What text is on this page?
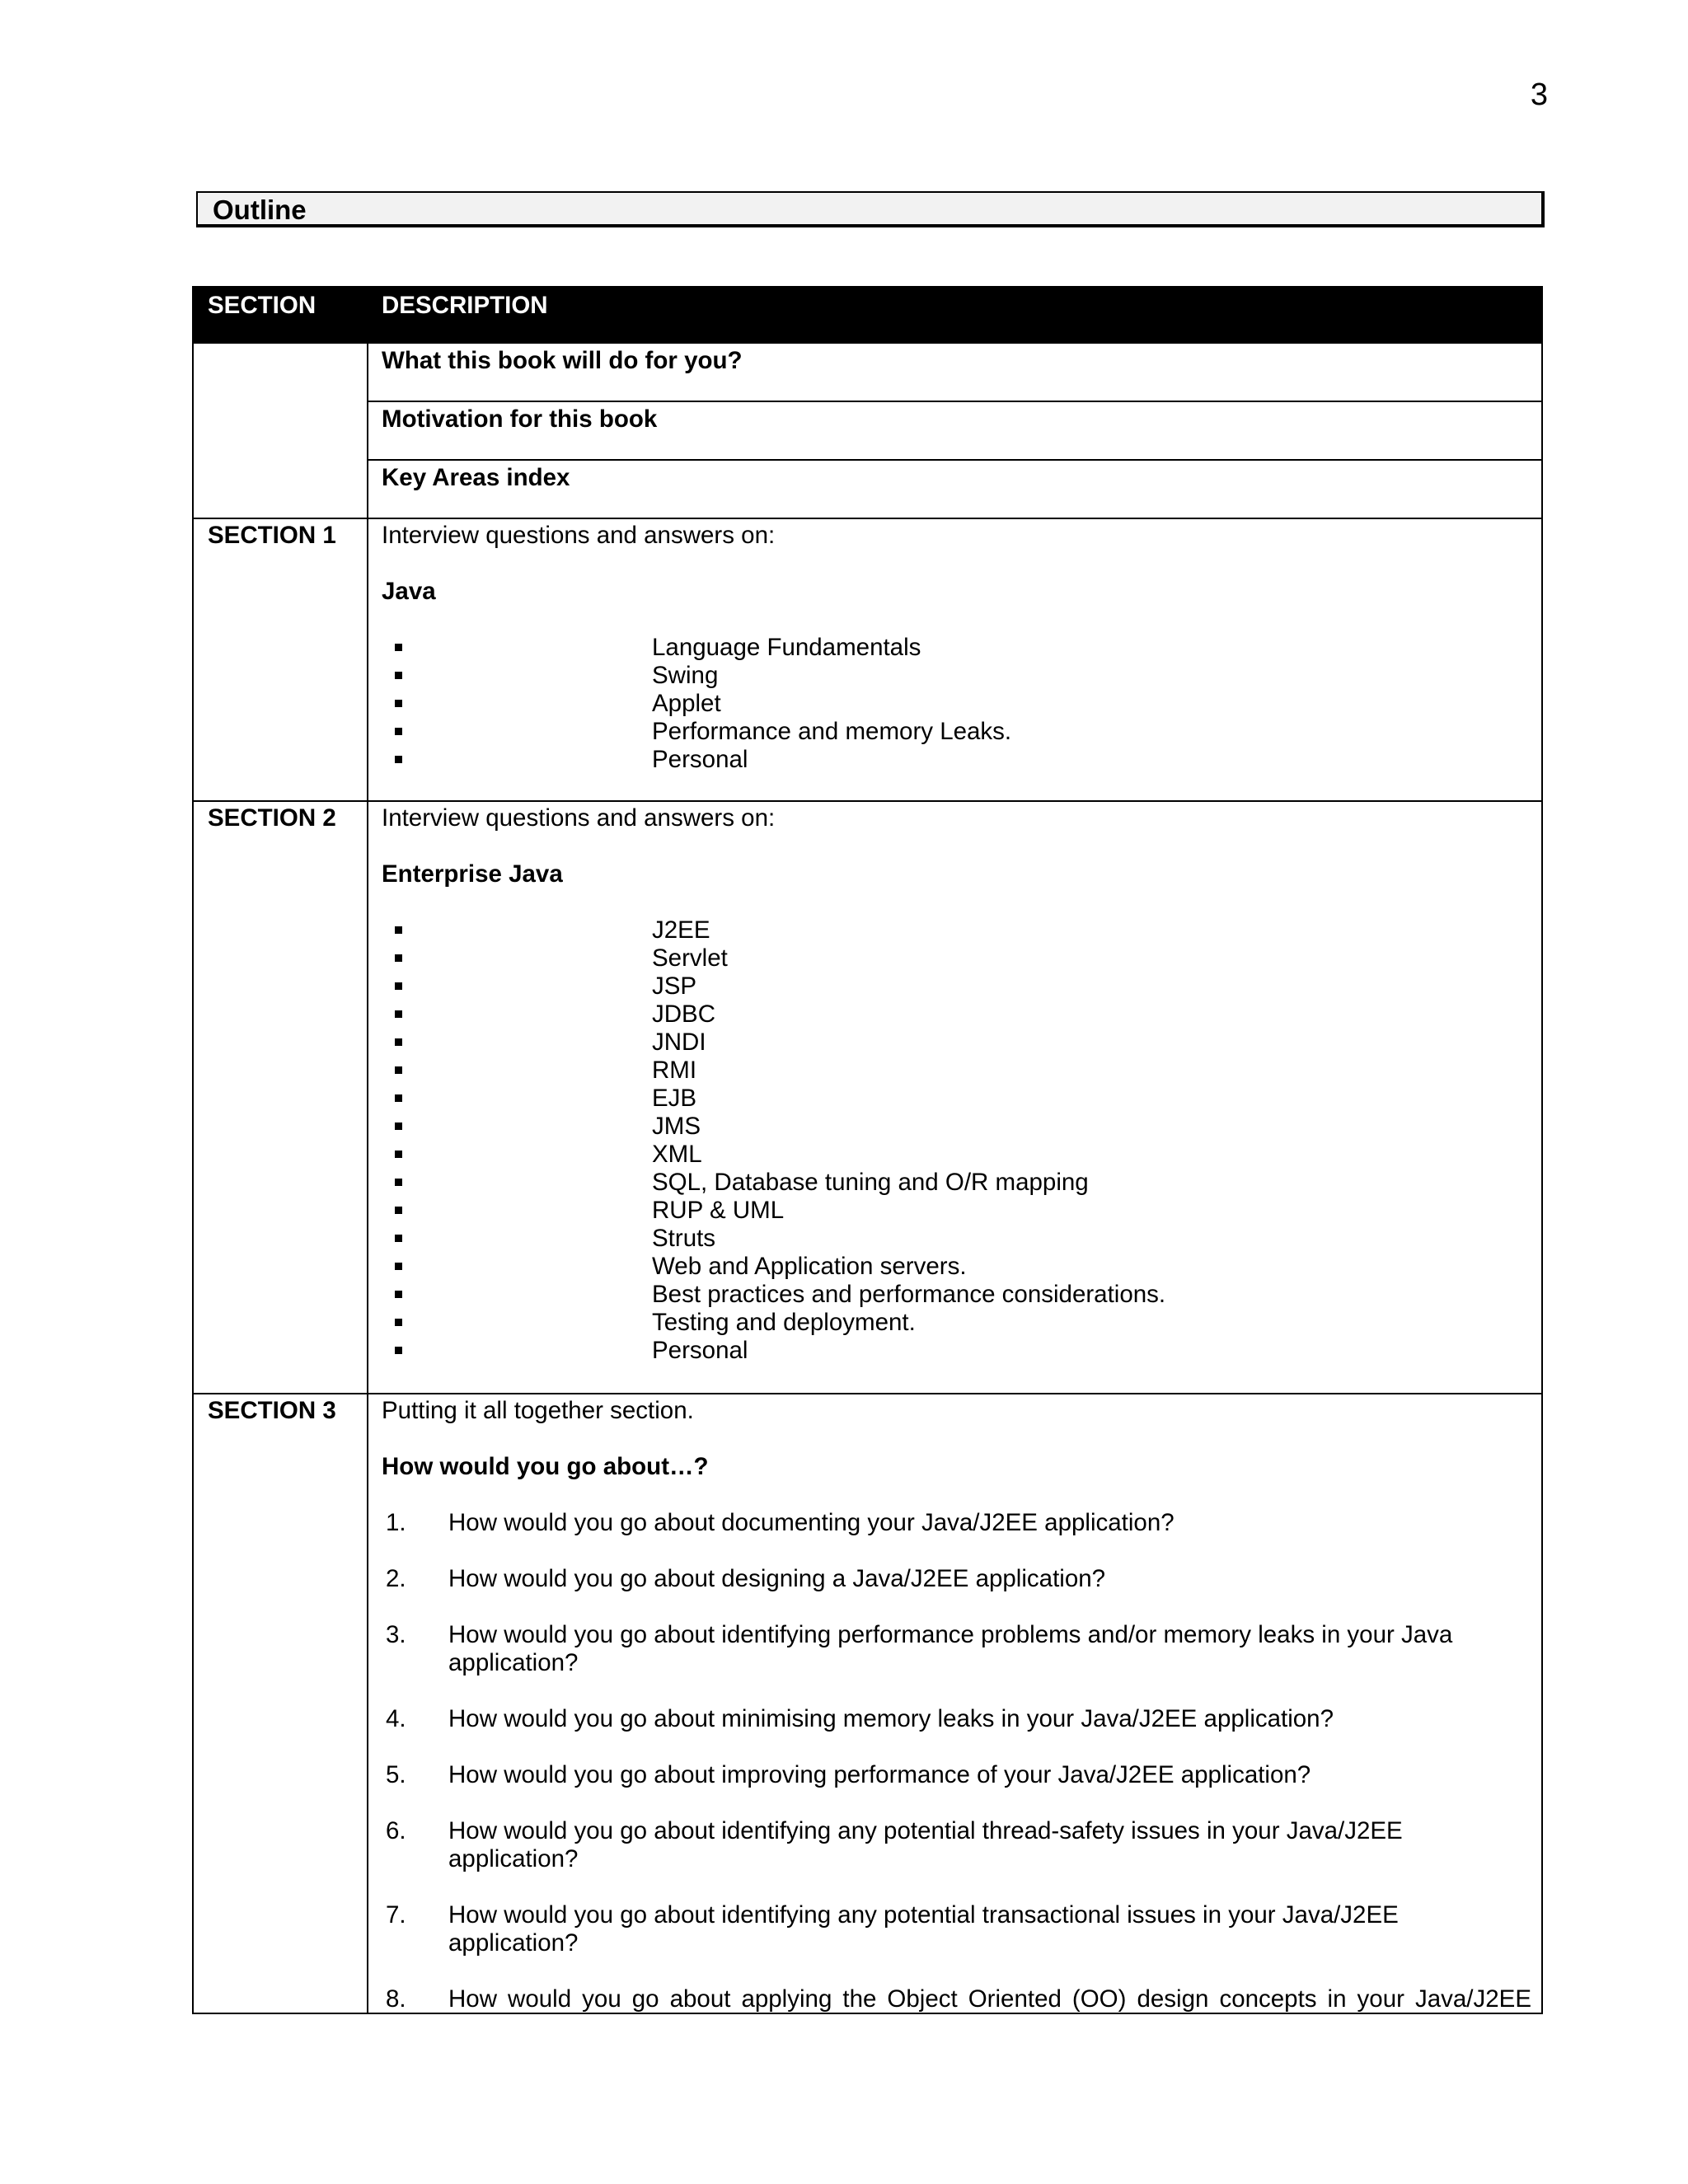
3
Outline
SECTION	DESCRIPTION
What this book will do for you?
Motivation for this book
Key Areas index
SECTION 1 Interview questions and answers on:
Java
Language Fundamentals
Swing
Applet
Performance and memory Leaks.
Personal
SECTION 2 Interview questions and answers on:
Enterprise Java
J2EE
Servlet
JSP
JDBC
JNDI
RMI
EJB
JMS
XML
SQL, Database tuning and O/R mapping
RUP & UML
Struts
Web and Application servers.
Best practices and performance considerations.
Testing and deployment.
Personal
SECTION 3 Putting it all together section.
How would you go about…?
1. How would you go about documenting your Java/J2EE application?
2. How would you go about designing a Java/J2EE application?
3. How would you go about identifying performance problems and/or memory leaks in your Java application?
4. How would you go about minimising memory leaks in your Java/J2EE application?
5. How would you go about improving performance of your Java/J2EE application?
6. How would you go about identifying any potential thread-safety issues in your Java/J2EE application?
7. How would you go about identifying any potential transactional issues in your Java/J2EE application?
8. How would you go about applying the Object Oriented (OO) design concepts in your Java/J2EE
